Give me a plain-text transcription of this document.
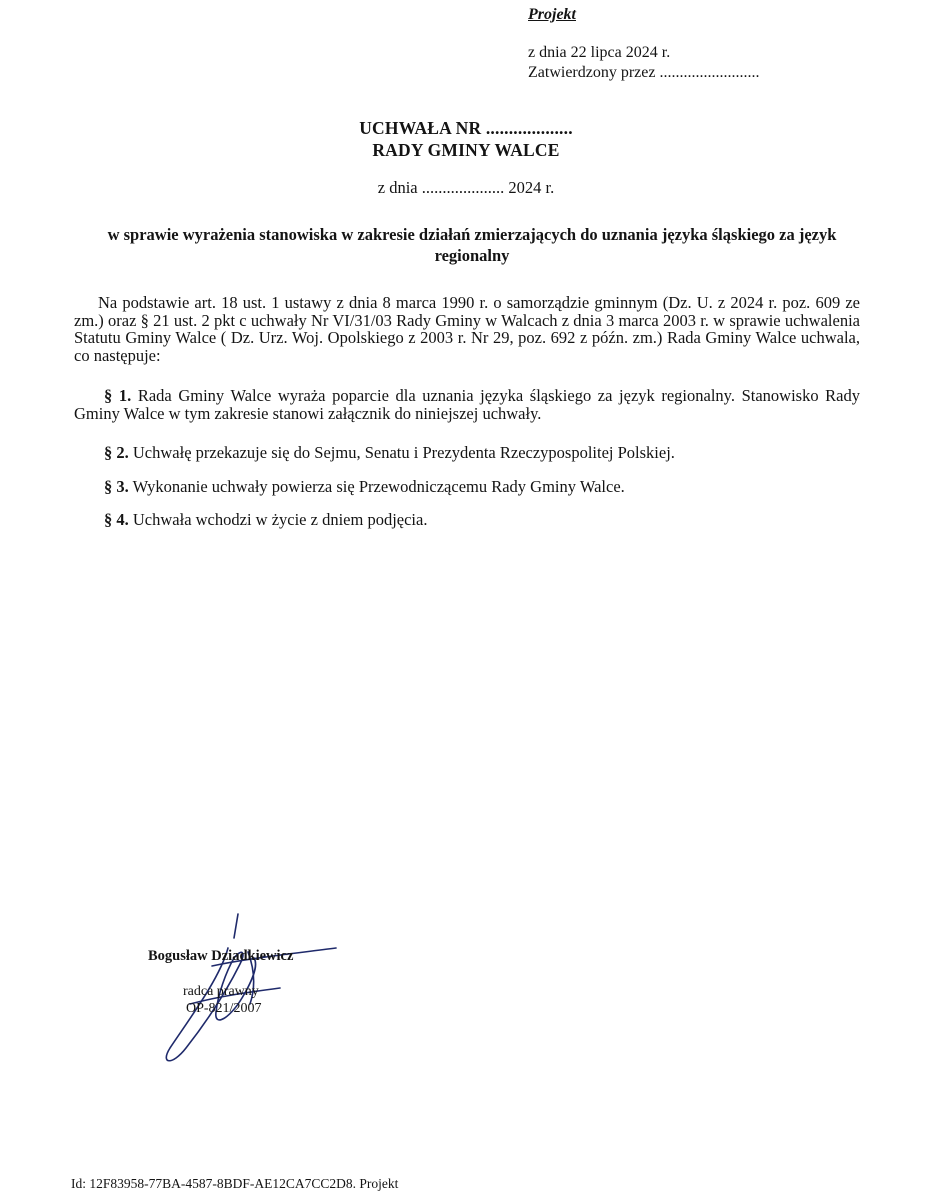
Projekt
z dnia 22 lipca 2024 r.
Zatwierdzony przez .........................
UCHWAŁA NR ...................
RADY GMINY WALCE
z dnia .................... 2024 r.
w sprawie wyrażenia stanowiska w zakresie działań zmierzających do uznania języka śląskiego za język regionalny
Na podstawie art. 18 ust. 1 ustawy z dnia 8 marca 1990 r. o samorządzie gminnym (Dz. U. z 2024 r. poz. 609 ze zm.) oraz § 21 ust. 2 pkt c uchwały Nr VI/31/03 Rady Gminy w Walcach z dnia 3 marca 2003 r. w sprawie uchwalenia Statutu Gminy Walce ( Dz. Urz. Woj. Opolskiego z 2003 r. Nr 29, poz. 692 z późn. zm.) Rada Gminy Walce uchwala, co następuje:
§ 1. Rada Gminy Walce wyraża poparcie dla uznania języka śląskiego za język regionalny. Stanowisko Rady Gminy Walce w tym zakresie stanowi załącznik do niniejszej uchwały.
§ 2. Uchwałę przekazuje się do Sejmu, Senatu i Prezydenta Rzeczypospolitej Polskiej.
§ 3. Wykonanie uchwały powierza się Przewodniczącemu Rady Gminy Walce.
§ 4. Uchwała wchodzi w życie z dniem podjęcia.
Bogusław Dziadkiewicz
radca prawny
OP-821/2007
Id: 12F83958-77BA-4587-8BDF-AE12CA7CC2D8. Projekt
